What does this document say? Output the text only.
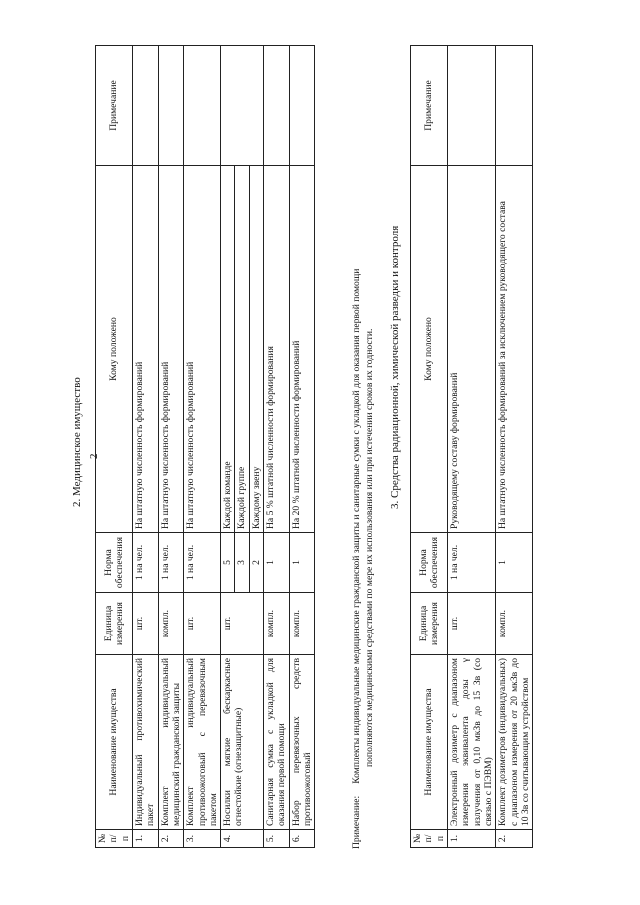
2
2. Медицинское имущество
№ п/п	Наименование имущества	Единица измерения	Норма обеспечения	Кому положено	Примечание
1.	Индивидуальный противохимический пакет	шт.	1 на чел.	На штатную численность формирований	
2.	Комплект индивидуальный медицинский гражданской защиты	компл.	1 на чел.	На штатную численность формирований	
3.	Комплект индивидуальный противоожоговый с перевязочным пакетом	шт.	1 на чел.	На штатную численность формирований	
4.	Носилки мягкие бескаркасные огнестойкие (огнезащитные)	шт.	5	Каждой команде	
			3	Каждой группе	
			2	Каждому звену	
5.	Санитарная сумка с укладкой для оказания первой помощи	компл.	1	На 5 % штатной численности формирования	
6.	Набор перевязочных средств противоожоговый	компл.	1	На 20 % штатной численности формирований	
Примечание:     Комплекты индивидуальные медицинские гражданской защиты и санитарные сумки с укладкой для оказания первой помощи пополняются медицинскими средствами по мере их использования или при истечении сроков их годности. 3. Средства радиационной, химической разведки и контроля
№ п/п	Наименование имущества	Единица измерения	Норма обеспечения	Кому положено	Примечание
1.	Электронный дозиметр с диапазоном измерения эквивалента дозы γ излучения от 0,10 мкЗв до 15 Зв (со связью с ПЭВМ)	шт.	1 на чел.	Руководящему составу формирований	
2.	Комплект дозиметров (индивидуальных) с диапазоном измерения от 20 мкЗв до 10 Зв со считывающим устройством	компл.	1	На штатную численность формирований за исключением руководящего состава	
